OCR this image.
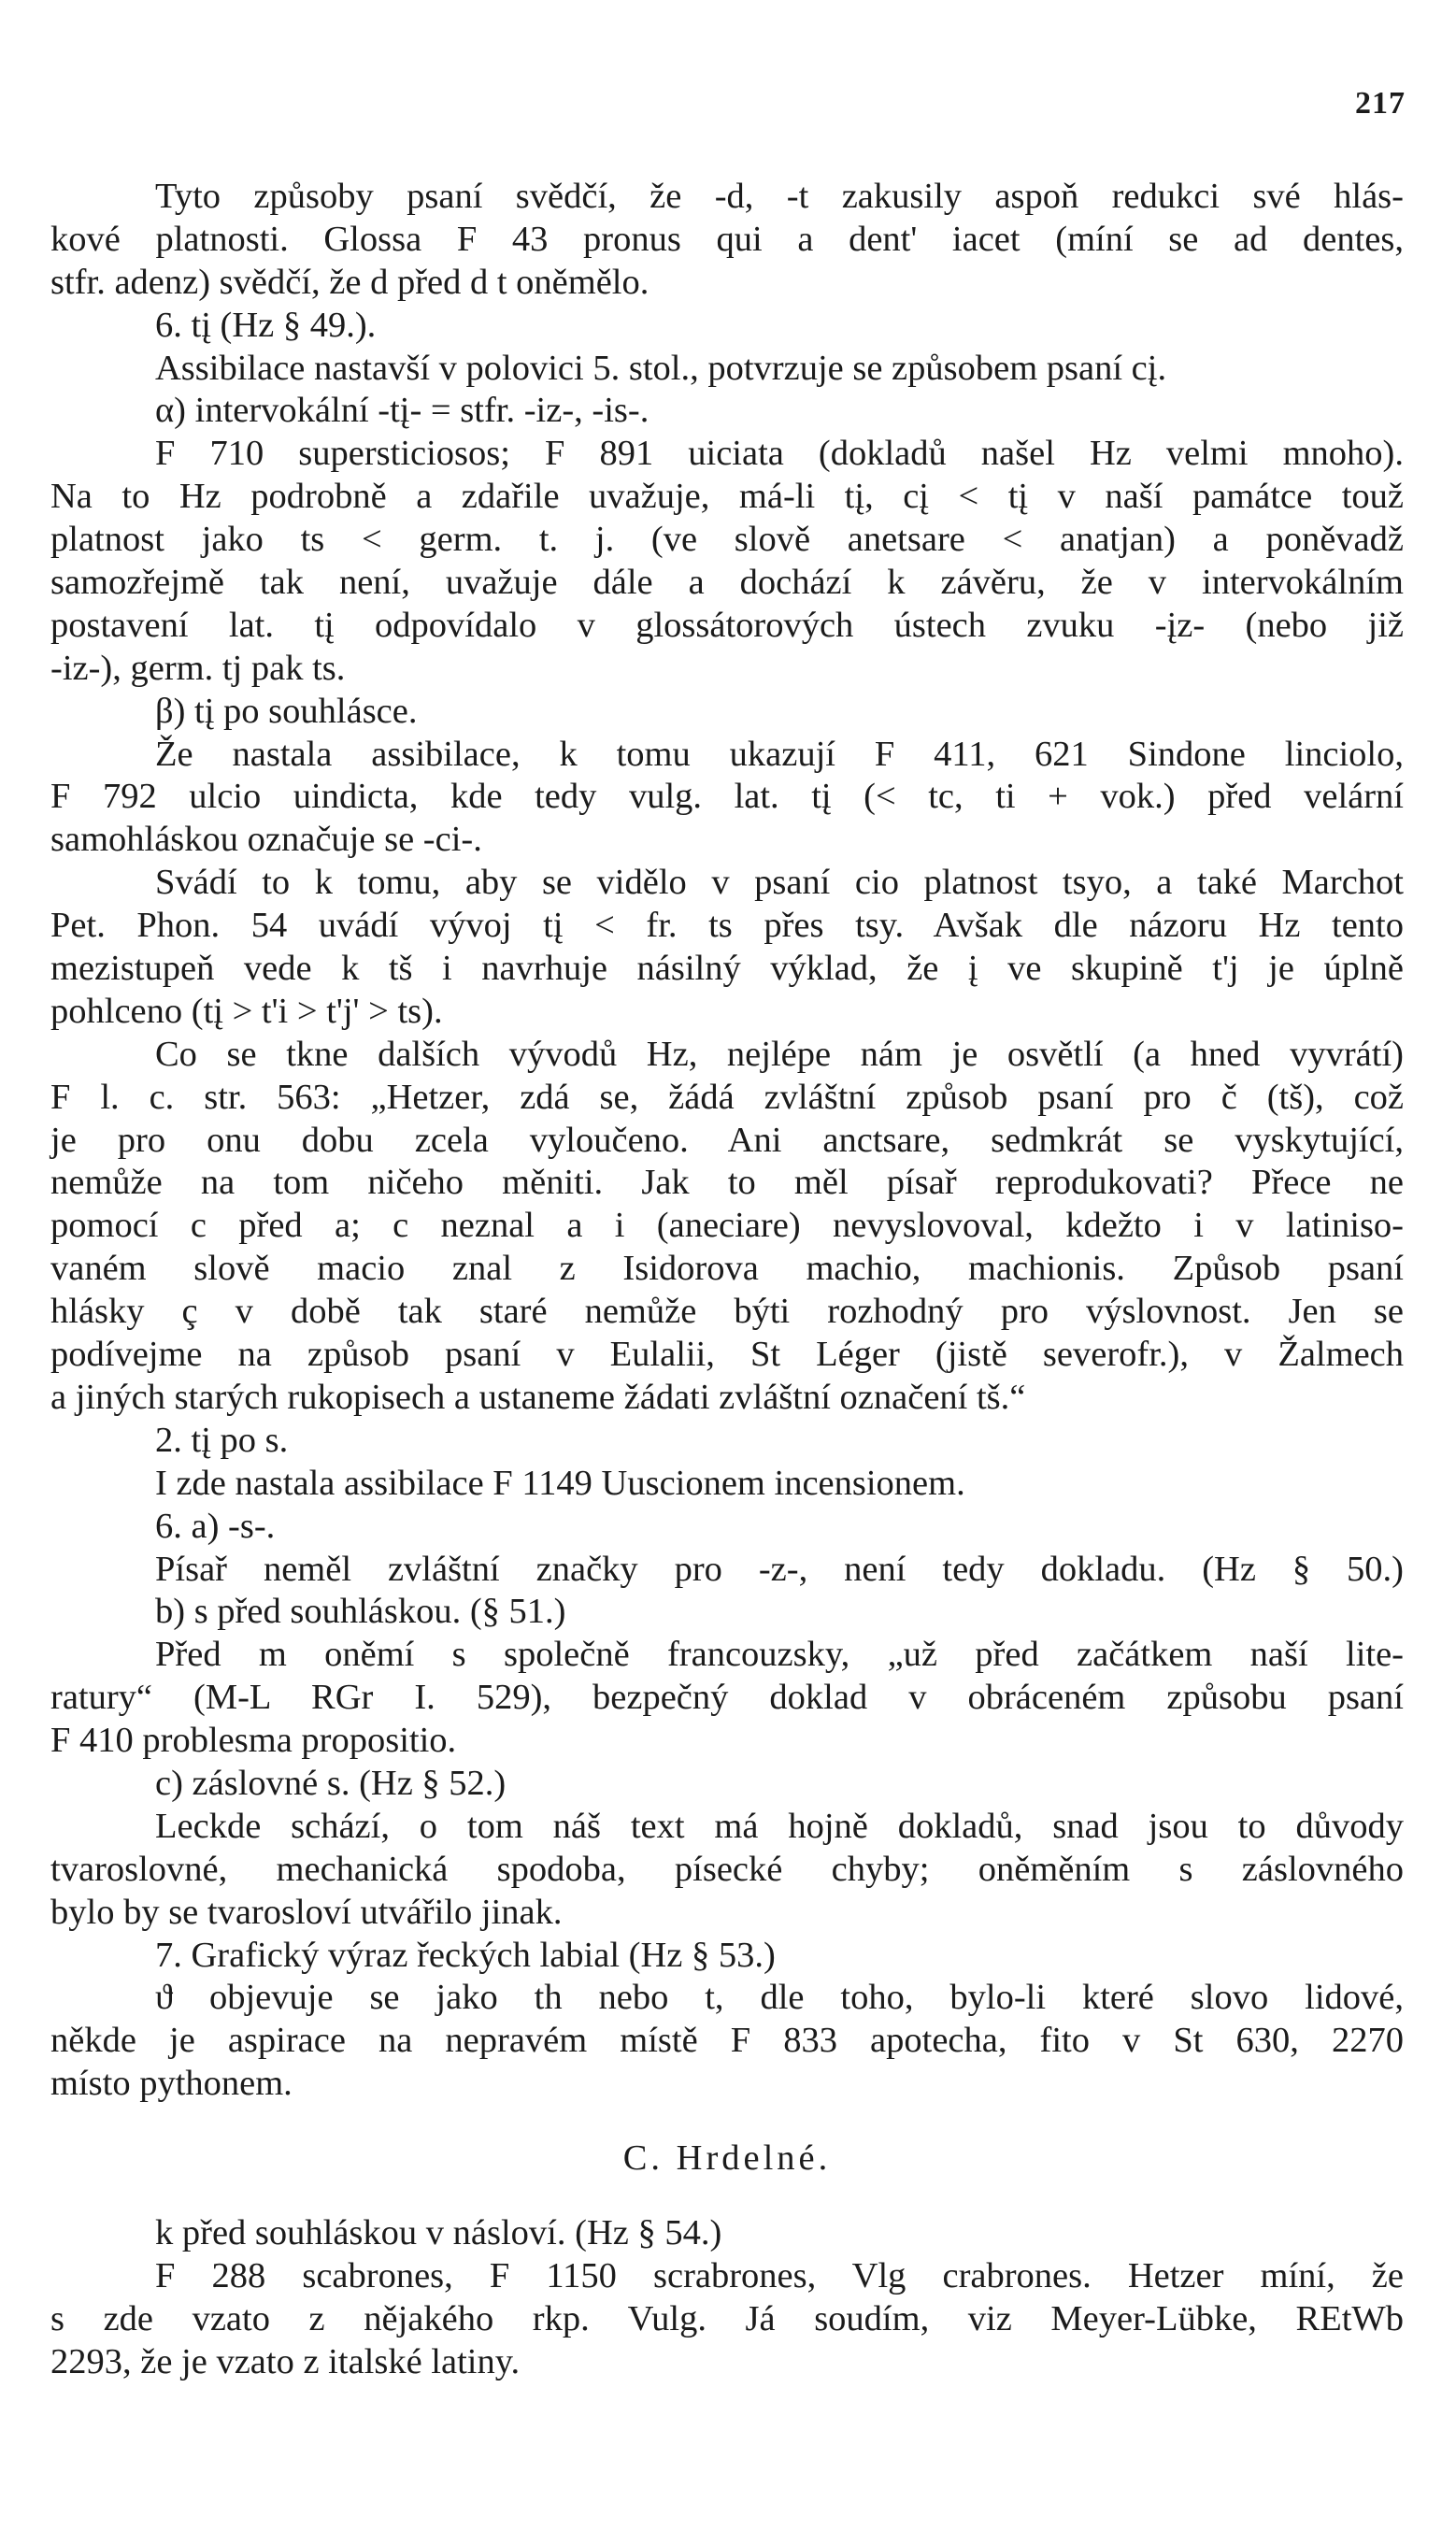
217
Tyto způsoby psaní svědčí, že -d, -t zakusily aspoň redukci své hlás-
kové platnosti. Glossa F 43 pronus qui a dent' iacet (míní se ad dentes,
stfr. adenz) svědčí, že d před d t oněmělo.
6. tį (Hz § 49.).
Assibilace nastavší v polovici 5. stol., potvrzuje se způsobem psaní cį.
α) intervokální -tį- = stfr. -iz-, -is-.
F 710 supersticiosos; F 891 uiciata (dokladů našel Hz velmi mnoho).
Na to Hz podrobně a zdařile uvažuje, má-li tį, cį < tį v naší památce touž
platnost jako ts < germ. t. j. (ve slově anetsare < anatjan) a poněvadž
samozřejmě tak není, uvažuje dále a dochází k závěru, že v intervokálním
postavení lat. tį odpovídalo v glossátorových ústech zvuku -įz- (nebo již
-iz-), germ. tj pak ts.
β) tį po souhlásce.
Že nastala assibilace, k tomu ukazují F 411, 621 Sindone linciolo,
F 792 ulcio uindicta, kde tedy vulg. lat. tį (< tc, ti + vok.) před velární
samohláskou označuje se -ci-.
Svádí to k tomu, aby se vidělo v psaní cio platnost tsyo, a také Marchot
Pet. Phon. 54 uvádí vývoj tį < fr. ts přes tsy. Avšak dle názoru Hz tento
mezistupeň vede k tš i navrhuje násilný výklad, že į ve skupině t'j je úplně
pohlceno (tį > t'i > t'j' > ts).
Co se tkne dalších vývodů Hz, nejlépe nám je osvětlí (a hned vyvrátí)
F l. c. str. 563: „Hetzer, zdá se, žádá zvláštní způsob psaní pro č (tš), což
je pro onu dobu zcela vyloučeno. Ani anctsare, sedmkrát se vyskytující,
nemůže na tom ničeho měniti. Jak to měl písař reprodukovati? Přece ne
pomocí c před a; c neznal a i (aneciare) nevyslovoval, kdežto i v latiniso-
vaném slově macio znal z Isidorova machio, machionis. Způsob psaní
hlásky ç v době tak staré nemůže býti rozhodný pro výslovnost. Jen se
podívejme na způsob psaní v Eulalii, St Léger (jistě severofr.), v Žalmech
a jiných starých rukopisech a ustaneme žádati zvláštní označení tš.“
2. tį po s.
I zde nastala assibilace F 1149 Uuscionem incensionem.
6. a) -s-.
Písař neměl zvláštní značky pro -z-, není tedy dokladu. (Hz § 50.)
b) s před souhláskou. (§ 51.)
Před m oněmí s společně francouzsky, „už před začátkem naší lite-
ratury“ (M-L RGr I. 529), bezpečný doklad v obráceném způsobu psaní
F 410 problesma propositio.
c) záslovné s. (Hz § 52.)
Leckde schází, o tom náš text má hojně dokladů, snad jsou to důvody
tvaroslovné, mechanická spodoba, písecké chyby; oněměním s záslovného
bylo by se tvarosloví utvářilo jinak.
7. Grafický výraz řeckých labial (Hz § 53.)
ϑ objevuje se jako th nebo t, dle toho, bylo-li které slovo lidové,
někde je aspirace na nepravém místě F 833 apotecha, fito v St 630, 2270
místo pythonem.
C. Hrdelné.
k před souhláskou v násloví. (Hz § 54.)
F 288 scabrones, F 1150 scrabrones, Vlg crabrones. Hetzer míní, že
s zde vzato z nějakého rkp. Vulg. Já soudím, viz Meyer-Lübke, REtWb
2293, že je vzato z italské latiny.
